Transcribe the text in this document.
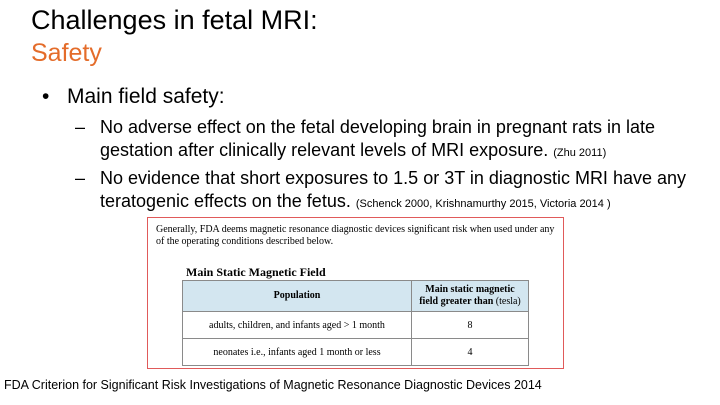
Challenges in fetal MRI:
Safety
• Main field safety:
– No adverse effect on the fetal developing brain in pregnant rats in late gestation after clinically relevant levels of MRI exposure. (Zhu 2011)
– No evidence that short exposures to 1.5 or 3T in diagnostic MRI have any teratogenic effects on the fetus. (Schenck 2000, Krishnamurthy 2015, Victoria 2014 )
Generally, FDA deems magnetic resonance diagnostic devices significant risk when used under any of the operating conditions described below.
Main Static Magnetic Field
Population	Main static magnetic field greater than (tesla)
adults, children, and infants aged > 1 month	8
neonates i.e., infants aged 1 month or less	4
FDA Criterion for Significant Risk Investigations of Magnetic Resonance Diagnostic Devices 2014
